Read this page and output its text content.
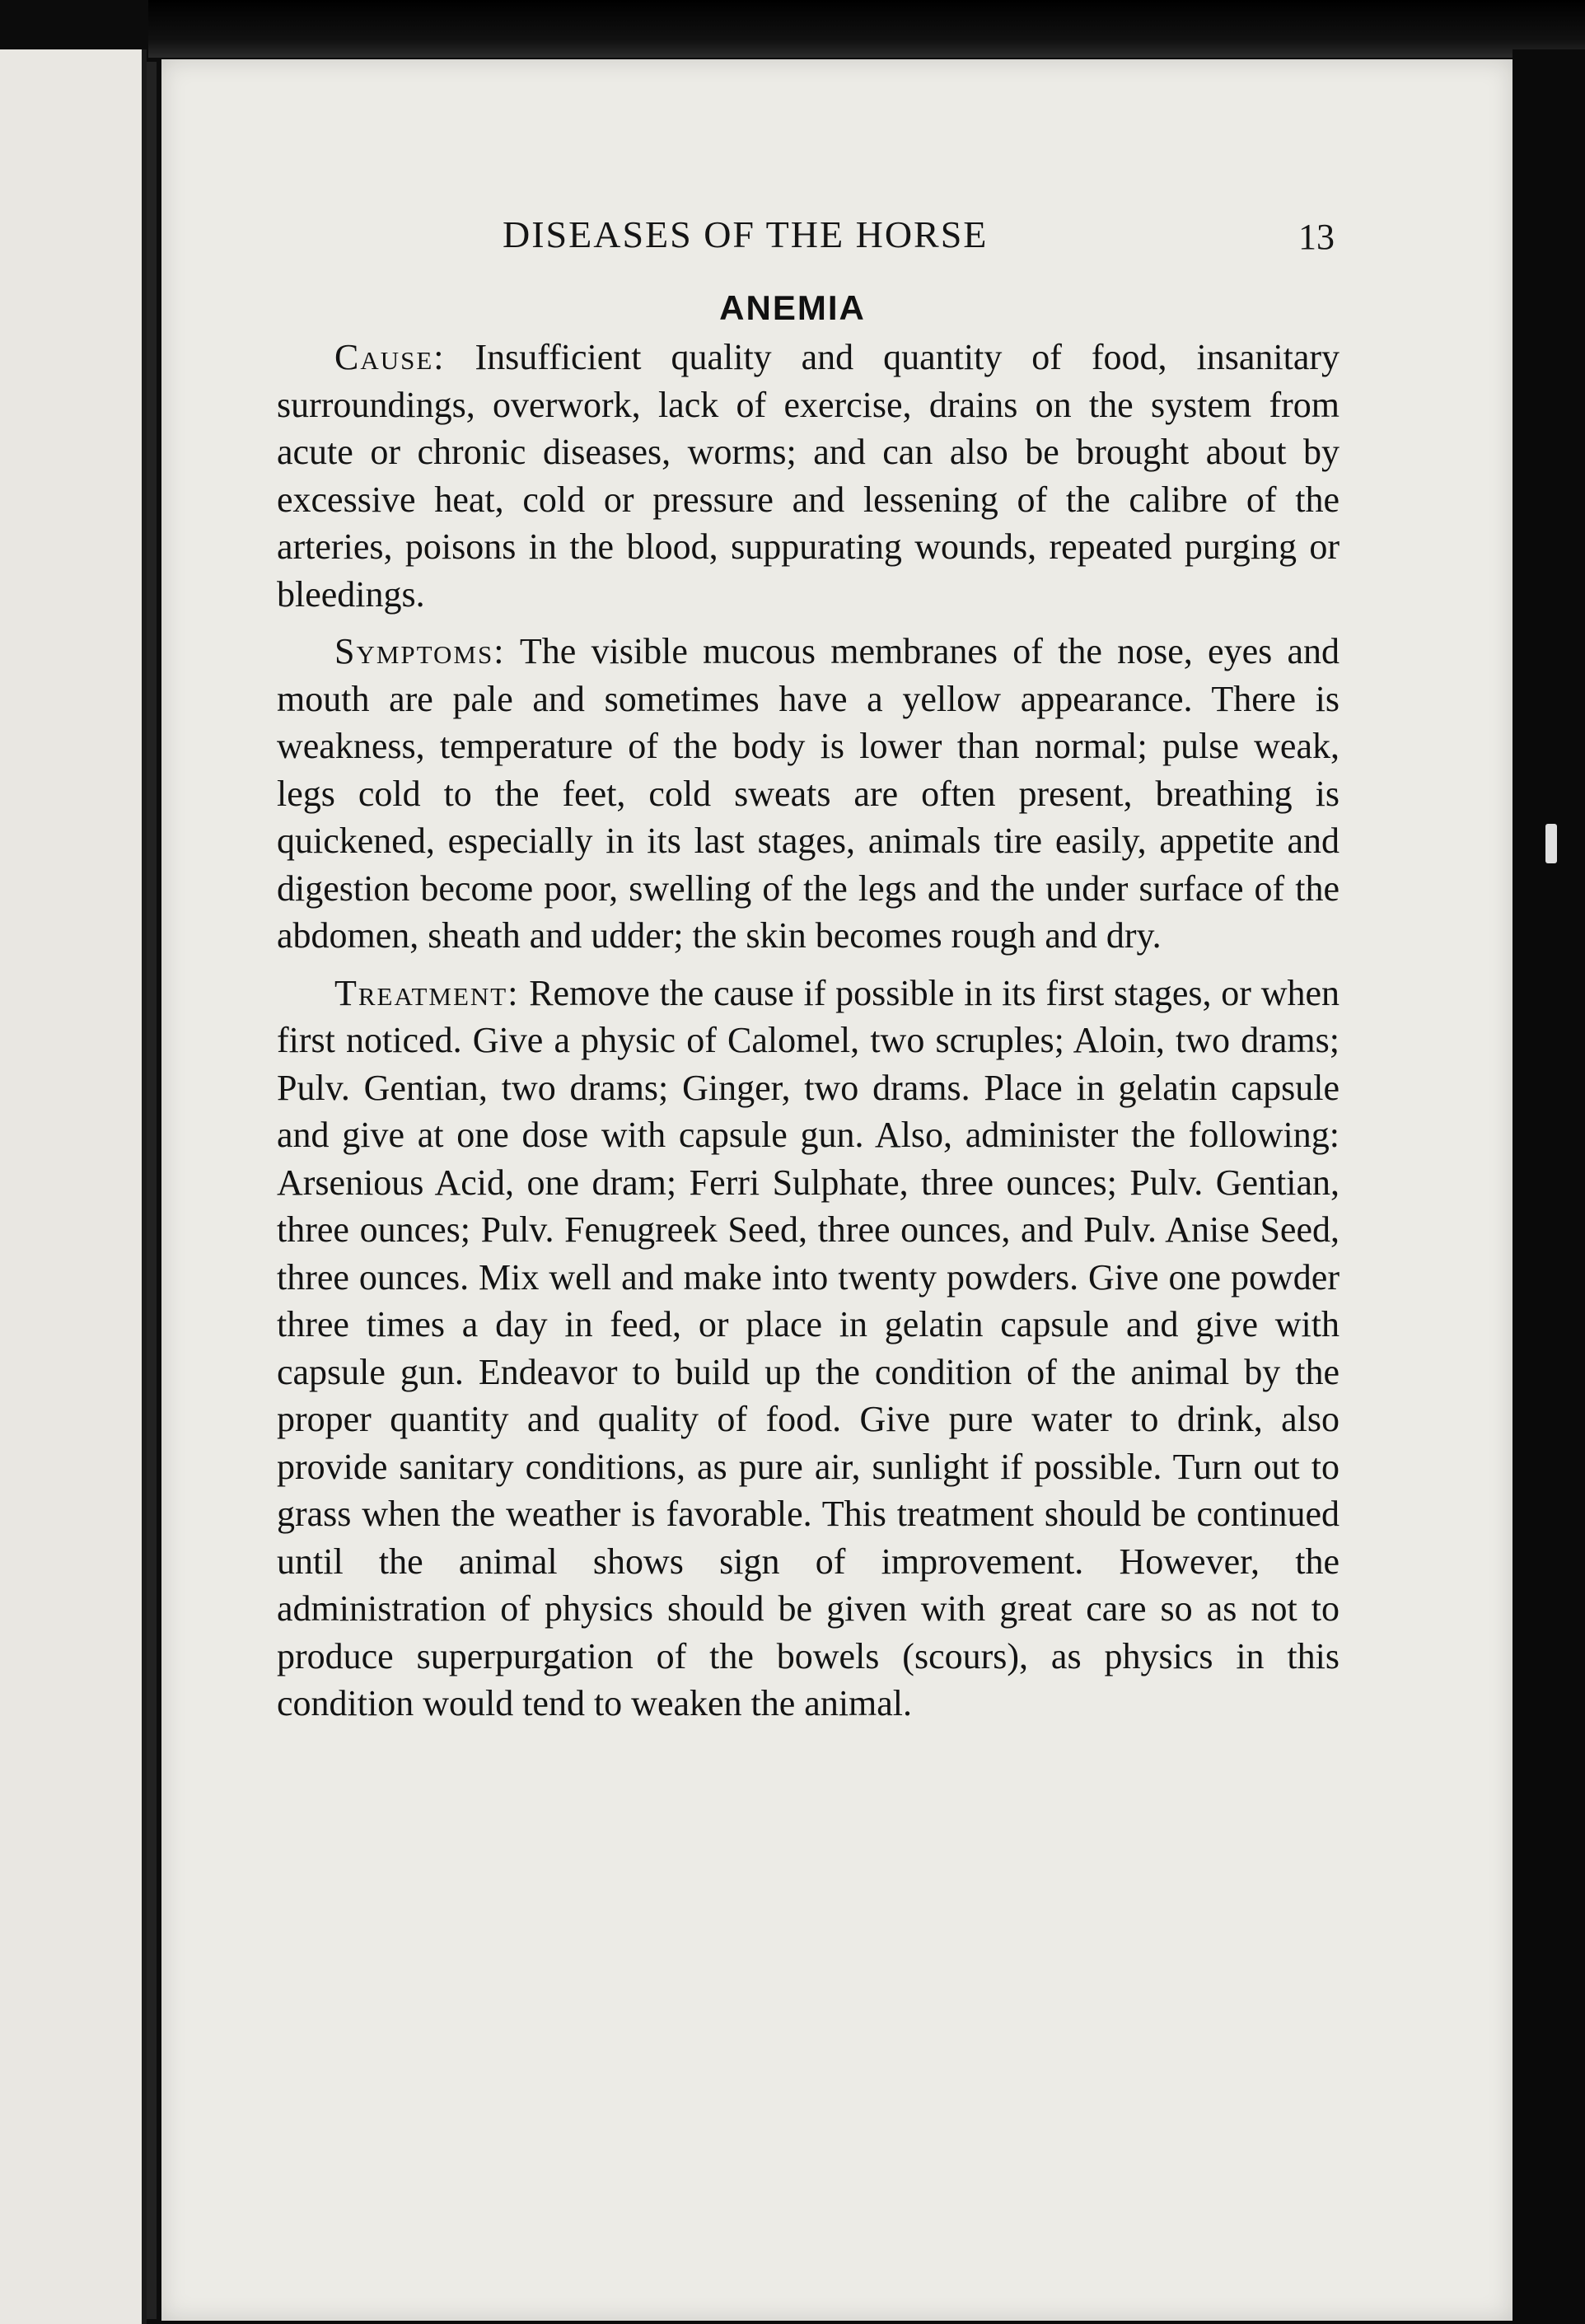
DISEASES OF THE HORSE	13
ANEMIA

Cause: Insufficient quality and quantity of food, insanitary surroundings, overwork, lack of exercise, drains on the system from acute or chronic diseases, worms; and can also be brought about by excessive heat, cold or pressure and lessening of the calibre of the arteries, poisons in the blood, suppurating wounds, repeated purging or bleedings.

Symptoms: The visible mucous membranes of the nose, eyes and mouth are pale and sometimes have a yellow appearance. There is weakness, temperature of the body is lower than normal; pulse weak, legs cold to the feet, cold sweats are often present, breathing is quickened, especially in its last stages, animals tire easily, appetite and digestion become poor, swelling of the legs and the under surface of the abdomen, sheath and udder; the skin becomes rough and dry.

Treatment: Remove the cause if possible in its first stages, or when first noticed. Give a physic of Calomel, two scruples; Aloin, two drams; Pulv. Gentian, two drams; Ginger, two drams. Place in gelatin capsule and give at one dose with capsule gun. Also, administer the following: Arsenious Acid, one dram; Ferri Sulphate, three ounces; Pulv. Gentian, three ounces; Pulv. Fenugreek Seed, three ounces, and Pulv. Anise Seed, three ounces. Mix well and make into twenty powders. Give one powder three times a day in feed, or place in gelatin capsule and give with capsule gun. Endeavor to build up the condition of the animal by the proper quantity and quality of food. Give pure water to drink, also provide sanitary conditions, as pure air, sunlight if possible. Turn out to grass when the weather is favorable. This treatment should be continued until the animal shows sign of improvement. However, the administration of physics should be given with great care so as not to produce superpurgation of the bowels (scours), as physics in this condition would tend to weaken the animal.
